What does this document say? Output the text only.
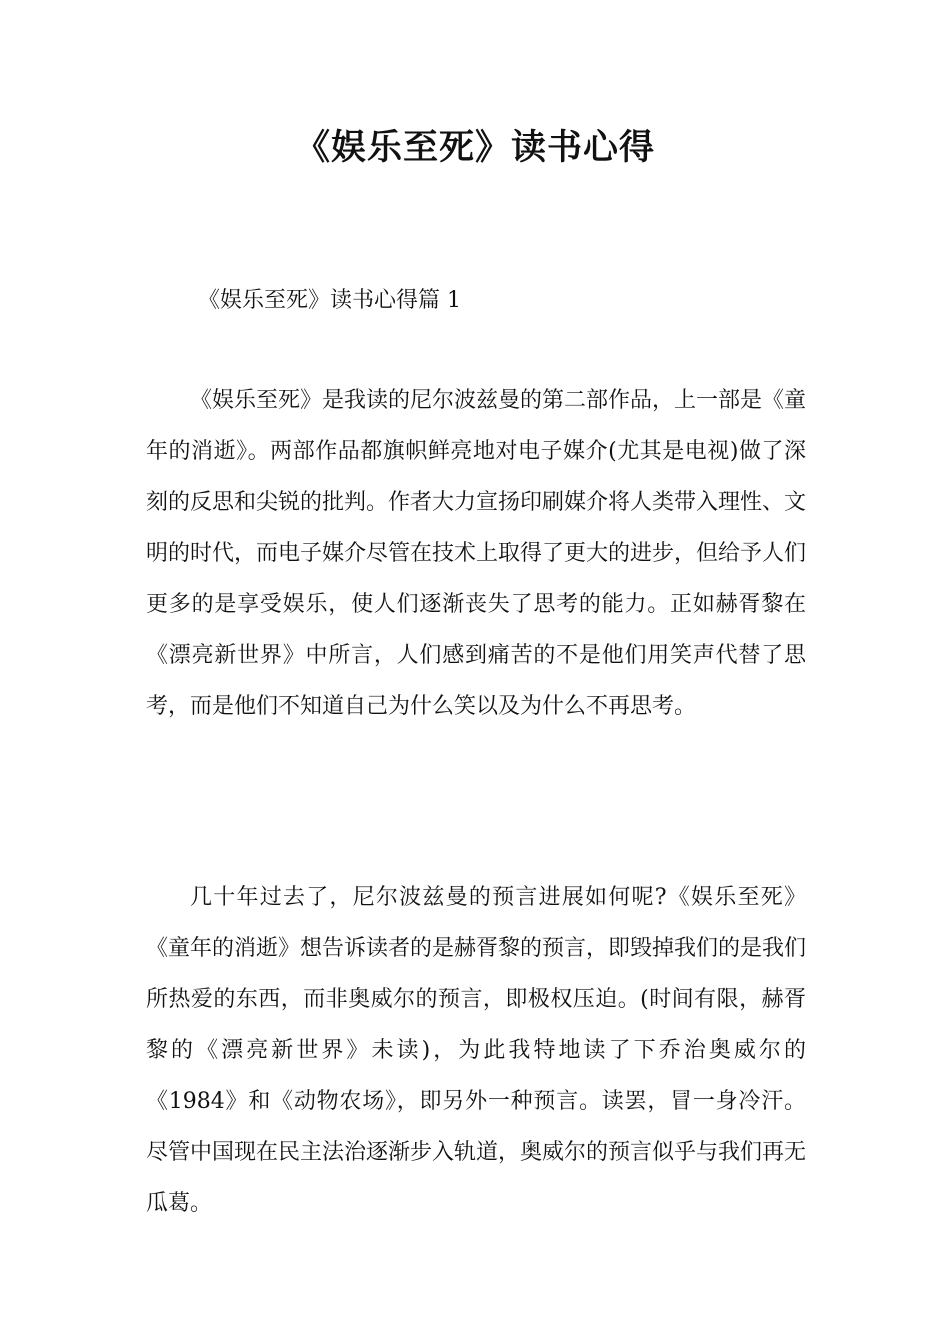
《娱乐至死》读书心得

《娱乐至死》读书心得篇 1

《娱乐至死》是我读的尼尔波兹曼的第二部作品，上一部是《童年的消逝》。两部作品都旗帜鲜亮地对电子媒介(尤其是电视)做了深刻的反思和尖锐的批判。作者大力宣扬印刷媒介将人类带入理性、文明的时代，而电子媒介尽管在技术上取得了更大的进步，但给予人们更多的是享受娱乐，使人们逐渐丧失了思考的能力。正如赫胥黎在《漂亮新世界》中所言，人们感到痛苦的不是他们用笑声代替了思考，而是他们不知道自己为什么笑以及为什么不再思考。

几十年过去了，尼尔波兹曼的预言进展如何呢?《娱乐至死》《童年的消逝》想告诉读者的是赫胥黎的预言，即毁掉我们的是我们所热爱的东西，而非奥威尔的预言，即极权压迫。(时间有限，赫胥黎的《漂亮新世界》未读)，为此我特地读了下乔治奥威尔的《1984》和《动物农场》，即另外一种预言。读罢，冒一身冷汗。尽管中国现在民主法治逐渐步入轨道，奥威尔的预言似乎与我们再无瓜葛。
